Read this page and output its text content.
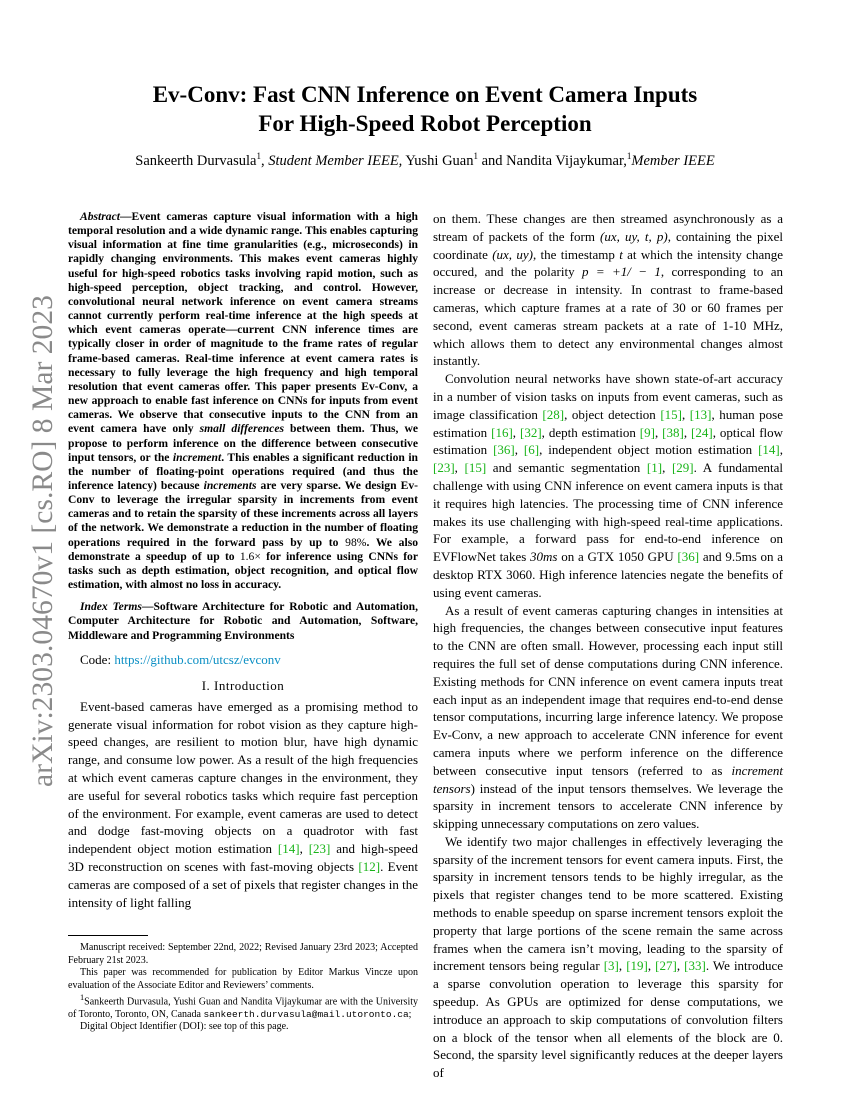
arXiv:2303.04670v1 [cs.RO] 8 Mar 2023
Ev-Conv: Fast CNN Inference on Event Camera Inputs
For High-Speed Robot Perception
Sankeerth Durvasula$^1$, Student Member IEEE, Yushi Guan$^1$ and Nandita Vijaykumar,$^1$Member IEEE

Abstract—Event cameras capture visual information with a high temporal resolution and a wide dynamic range. This enables capturing visual information at fine time granularities (e.g., microseconds) in rapidly changing environments. This makes event cameras highly useful for high-speed robotics tasks involving rapid motion, such as high-speed perception, object tracking, and control. However, convolutional neural network inference on event camera streams cannot currently perform real-time inference at the high speeds at which event cameras operate—current CNN inference times are typically closer in order of magnitude to the frame rates of regular frame-based cameras. Real-time inference at event camera rates is necessary to fully leverage the high frequency and high temporal resolution that event cameras offer. This paper presents Ev-Conv, a new approach to enable fast inference on CNNs for inputs from event cameras. We observe that consecutive inputs to the CNN from an event camera have only small differences between them. Thus, we propose to perform inference on the difference between consecutive input tensors, or the increment. This enables a significant reduction in the number of floating-point operations required (and thus the inference latency) because increments are very sparse. We design Ev-Conv to leverage the irregular sparsity in increments from event cameras and to retain the sparsity of these increments across all layers of the network. We demonstrate a reduction in the number of floating operations required in the forward pass by up to 98%. We also demonstrate a speedup of up to 1.6× for inference using CNNs for tasks such as depth estimation, object recognition, and optical flow estimation, with almost no loss in accuracy.

Index Terms—Software Architecture for Robotic and Automation, Computer Architecture for Robotic and Automation, Software, Middleware and Programming Environments

Code: https://github.com/utcsz/evconv
I. Introduction

Event-based cameras have emerged as a promising method to generate visual information for robot vision as they capture high-speed changes, are resilient to motion blur, have high dynamic range, and consume low power. As a result of the high frequencies at which event cameras capture changes in the environment, they are useful for several robotics tasks which require fast perception of the environment. For example, event cameras are used to detect and dodge fast-moving objects on a quadrotor with fast independent object motion estimation [14], [23] and high-speed 3D reconstruction on scenes with fast-moving objects [12]. Event cameras are composed of a set of pixels that register changes in the intensity of light falling

Manuscript received: September 22nd, 2022; Revised January 23rd 2023; Accepted February 21st 2023.

This paper was recommended for publication by Editor Markus Vincze upon evaluation of the Associate Editor and Reviewers’ comments.

$^1$Sankeerth Durvasula, Yushi Guan and Nandita Vijaykumar are with the University of Toronto, Toronto, ON, Canada sankeerth.durvasula@mail.utoronto.ca;

Digital Object Identifier (DOI): see top of this page.

on them. These changes are then streamed asynchronously as a stream of packets of the form (ux, uy, t, p), containing the pixel coordinate (ux, uy), the timestamp t at which the intensity change occured, and the polarity p = +1/ − 1, corresponding to an increase or decrease in intensity. In contrast to frame-based cameras, which capture frames at a rate of 30 or 60 frames per second, event cameras stream packets at a rate of 1-10 MHz, which allows them to detect any environmental changes almost instantly.

Convolution neural networks have shown state-of-art accuracy in a number of vision tasks on inputs from event cameras, such as image classification [28], object detection [15], [13], human pose estimation [16], [32], depth estimation [9], [38], [24], optical flow estimation [36], [6], independent object motion estimation [14], [23], [15] and semantic segmentation [1], [29]. A fundamental challenge with using CNN inference on event camera inputs is that it requires high latencies. The processing time of CNN inference makes its use challenging with high-speed real-time applications. For example, a forward pass for end-to-end inference on EVFlowNet takes 30ms on a GTX 1050 GPU [36] and 9.5ms on a desktop RTX 3060. High inference latencies negate the benefits of using event cameras.

As a result of event cameras capturing changes in intensities at high frequencies, the changes between consecutive input features to the CNN are often small. However, processing each input still requires the full set of dense computations during CNN inference. Existing methods for CNN inference on event camera inputs treat each input as an independent image that requires end-to-end dense tensor computations, incurring large inference latency. We propose Ev-Conv, a new approach to accelerate CNN inference for event camera inputs where we perform inference on the difference between consecutive input tensors (referred to as increment tensors) instead of the input tensors themselves. We leverage the sparsity in increment tensors to accelerate CNN inference by skipping unnecessary computations on zero values.

We identify two major challenges in effectively leveraging the sparsity of the increment tensors for event camera inputs. First, the sparsity in increment tensors tends to be highly irregular, as the pixels that register changes tend to be more scattered. Existing methods to enable speedup on sparse increment tensors exploit the property that large portions of the scene remain the same across frames when the camera isn’t moving, leading to the sparsity of increment tensors being regular [3], [19], [27], [33]. We introduce a sparse convolution operation to leverage this sparsity for speedup. As GPUs are optimized for dense computations, we introduce an approach to skip computations of convolution filters on a block of the tensor when all elements of the block are 0. Second, the sparsity level significantly reduces at the deeper layers of
